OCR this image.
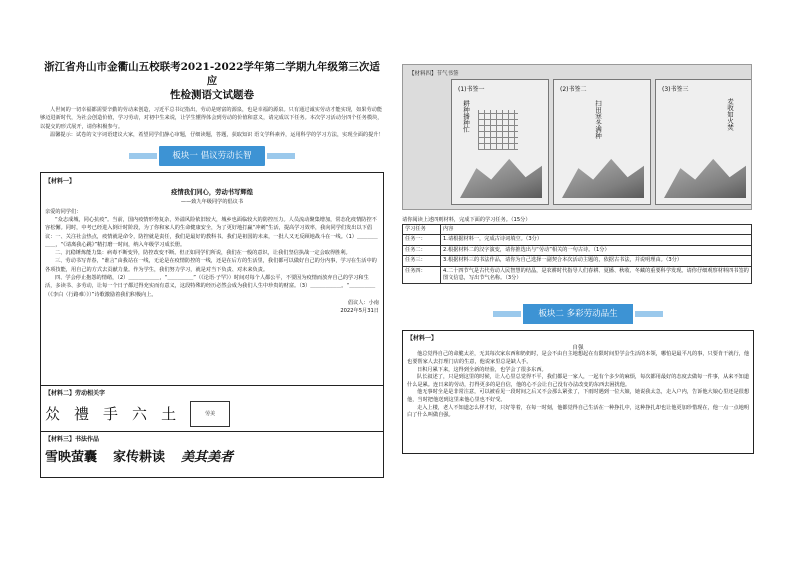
浙江省舟山市金衢山五校联考2021-2022学年第二学期九年级第三次适应
性检测语文试题卷

人世间的一切幸福都需要辛勤的劳动来创造，习近平总书记指出，劳动是财富的源泉，也是幸福的源泉。只有通过诚实劳动才能实现，如果劳动能够迈进新时代，为社会创造价值，学习劳动，对初中生来说，让学生懂得体会到劳动的价值和意义，请完成以下任务。本次学习活动分四个任务模块，以提交的形式展开，请你积极参与。

温馨提示：试卷的文字词语建议大家，希望同学们静心审题，仔细读题，答题，获取知识 语文学科素养，运用科学的学习方法，实现全面的提升！

板块一 倡议劳动长智
【材料一】
疫情我们同心，劳动书写辉煌
——致九年级同学的倡议书

亲爱的同学们：

“众志成城，同心抗疫”。当前，国内疫情形势复杂，外溢风险依旧较大，城乡也面临较大的防控压力。人员流动聚集增加，常态化疫情防控不容松懈。同时，中考已经进入倒计时阶段，为了你和家人的生命健康安全，为了更好地打赢“冲刺”生活，提高学习效率，我向同学们发出以下倡议：一、关注社会热点，疫情就是命令，防控就是责任，我们是最好的教科书。我们是祖国的未来，一批人又无反顾地战斗在一线。（1）＿＿＿＿＿＿，“《请离我心跳》”精打磨一时间，纳入年级学习成长册。

二、沉稳锤炼能力集：病毒不断变异，防控改变不断。但正如同学们所说，我们在一般的意识，让我们坚信执战一定会取得胜利。

三、劳动书写青春，“谁言”由我站在一线，无论是在疫情防控的一线，还是在后方的生活里，我们都可以做好自己的分内事，学习在生活中的各项技能，用自己的方式去贡献力量。作为学生，我们努力学习，就是对当下负责、对未来负责。

四、学会停止抱怨的情绪，（2）＿＿＿＿＿＿，“＿＿＿＿＿”（《论语·子罕》）时间对每个人都公平，不要因为疫情而放弃自己的学习和生活，多读书、多劳动，让每一个日子都过得充实而有意义，这段特殊的经历必然会成为我们人生中珍贵的财富。（3）＿＿＿＿＿＿。“＿＿＿＿＿（《李白〈行路难〉》）”诗歌激励着我们积极向上。

倡议人：小南
2022年5月31日
【材料二】劳动相关字
𠈌 禮 手 六 土	劳美
【材料三】书法作品
雪映萤囊 家传耕读 美其美者
【材料四】节气书签
(1)书签一
耕种播种忙
(2)书签二
扫田寒冬满种
(3)书签三
麦收如火焚
请你阅读上述四则材料，完成下面的学习任务。（15分）
学习任务	内容
任务一：	1.请根据材料一，完成古诗词填空。（3分）
任务二：	2.根据材料二的汉字演变，请你推选出与“劳动”相关的一句古诗。（1分）
任务三：	3.根据材料三的书法作品，请你为自己选择一副契合本次活动主题的，依据古书法，并说明理由。（3分）
任务四：	4.二十四节气是古代劳动人民智慧的结晶，是农耕时代指导人们春耕、夏播、秋收、冬藏的重要科学发现。请你仔细观察材料四书签的图文信息，写出节气名称。（3分）
板块二 多彩劳动品生
【材料一】
自强

他总觉得自己的命脆太差，无其每次家东西和奶奶时，是会不由自主地想起在有限时间里学会生活的本领，哪怕是最平凡的事，只要肯干就行，他也要帮家人去打理门店的生意，他说家里总是缺人手。

日积月累下来，这得到全新的经验，也学会了很多东西。

队长叙述了，只是到这里的时候，让人心里总觉得不平，我们都是一家人，一起有个多少的麻烦，每次都用最好的态度去做每一件事，从来不知道什么是累。连日来的劳动，打得更多的是自信，他的心不会让自己没有办法改变的东西去困扰他。

他无事时全是是非常注意，可以被看见一段时间之后又不会那么紧张了，下雨时遇到一位大娘，她说我太急，走入户内，告诉他大娘心里还是很想他，当时把他送到这里来他心里也不好受。

走入上楼，老人不知道怎么样才好，只好等着，在每一时刻，他都觉得自己生活在一种挣扎中，这种挣扎却也让他更加珍惜现在，他一点一点地明白了什么叫做自强。
